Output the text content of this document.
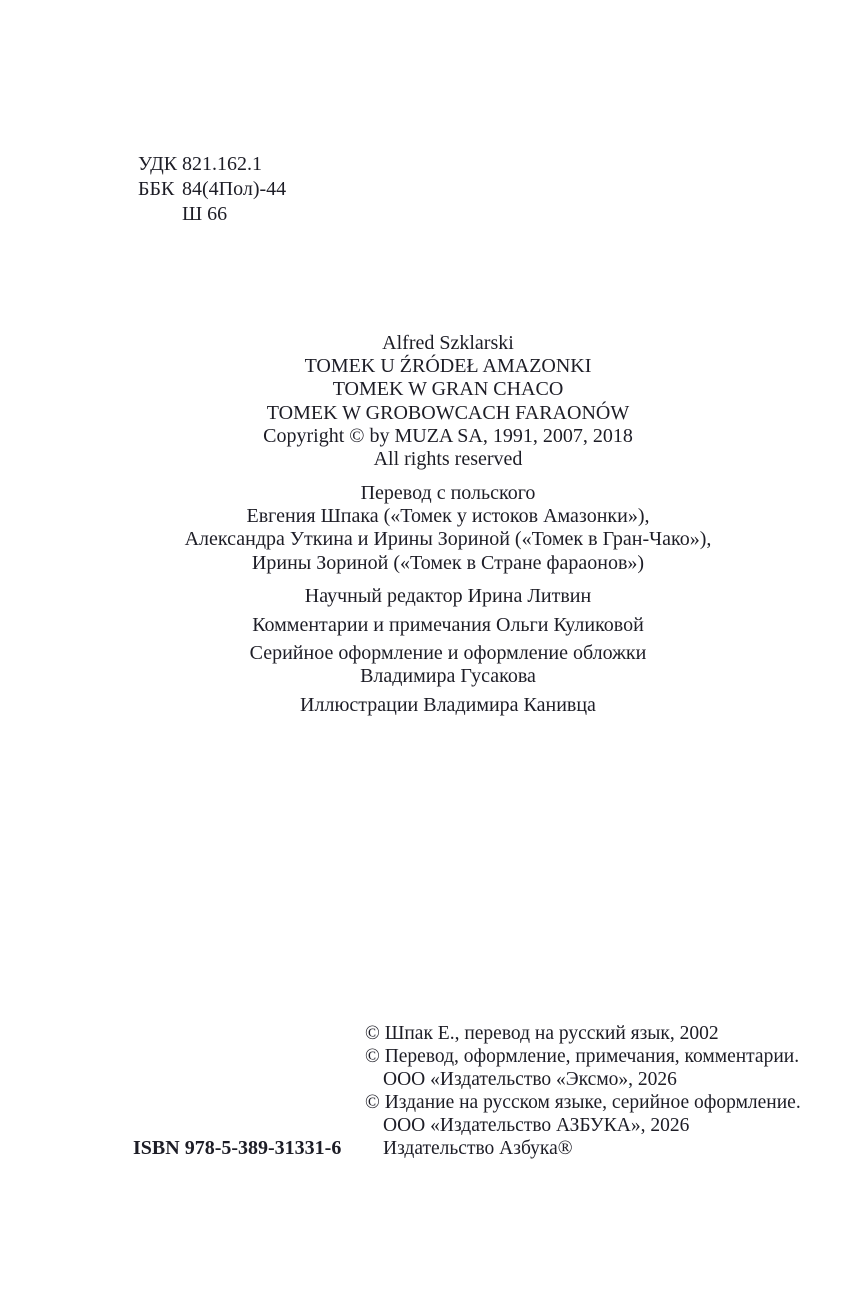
УДК 821.162.1
ББК 84(4Пол)-44
Ш 66
Alfred Szklarski
TOMEK U ŹRÓDEŁ AMAZONKI
TOMEK W GRAN CHACO
TOMEK W GROBOWCACH FARAONÓW
Copyright © by MUZA SA, 1991, 2007, 2018
All rights reserved
Перевод с польского
Евгения Шпака («Томек у истоков Амазонки»),
Александра Уткина и Ирины Зориной («Томек в Гран-Чако»),
Ирины Зориной («Томек в Стране фараонов»)

Научный редактор Ирина Литвин

Комментарии и примечания Ольги Куликовой

Серийное оформление и оформление обложки
Владимира Гусакова

Иллюстрации Владимира Канивца

© Шпак Е., перевод на русский язык, 2002
© Перевод, оформление, примечания, комментарии.
ООО «Издательство «Эксмо», 2026
© Издание на русском языке, серийное оформление.
ООО «Издательство АЗБУКА», 2026
Издательство Азбука®
ISBN 978-5-389-31331-6
